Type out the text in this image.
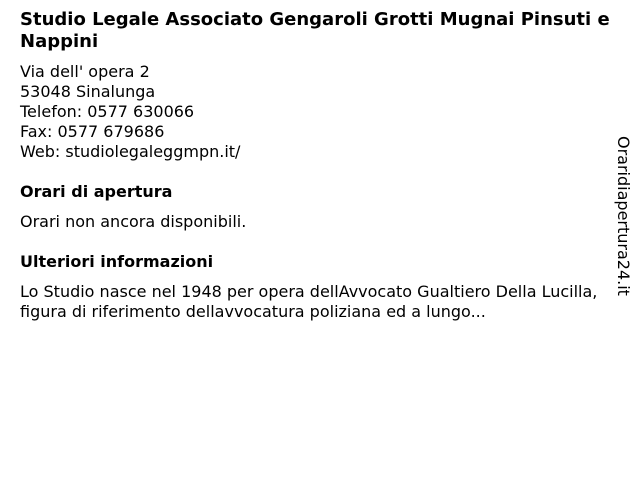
Studio Legale Associato Gengaroli Grotti Mugnai Pinsuti e Nappini
Via dell' opera 2
53048 Sinalunga
Telefon: 0577 630066
Fax: 0577 679686
Web: studiolegaleggmpn.it/
Orari di apertura
Orari non ancora disponibili.
Ulteriori informazioni
Lo Studio nasce nel 1948 per opera dellAvvocato Gualtiero Della Lucilla, figura di riferimento dellavvocatura poliziana ed a lungo...
Oraridiapertura24.it
